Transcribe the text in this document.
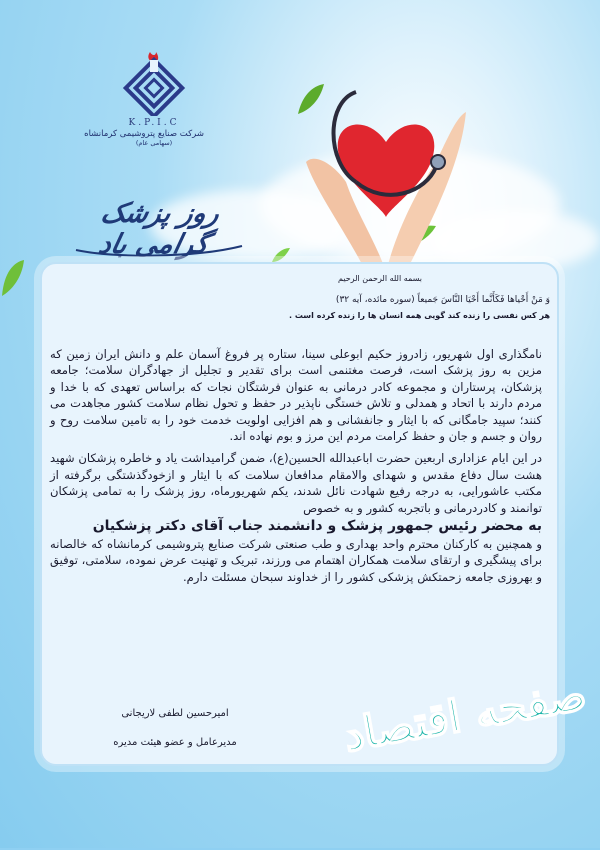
K.P.I.C
شرکت صنایع پتروشیمی کرمانشاه
(سهامی عام)
روز پزشک گرامی باد
بسمه الله الرحمن الرحیم
وَ مَنْ أَحْیاها فَكَأَنَّما أَحْیَا النَّاسَ جَمیعاً (سوره مائده، آیه ۳۲)
هر کس نفسی را زنده کند گویی همه انسان ها را زنده کرده است .

نامگذاری اول شهریور، زادروز حکیم ابوعلی سینا، ستاره پر فروغ آسمان علم و دانش ایران زمین که مزین به روز پزشک است، فرصت مغتنمی است برای تقدیر و تجلیل از جهادگران سلامت؛ جامعه پزشکان، پرستاران و مجموعه کادر درمانی به عنوان فرشتگان نجات که براساس تعهدی که با خدا و مردم دارند با اتحاد و همدلی و تلاش خستگی ناپذیر در حفظ و تحول نظام سلامت کشور مجاهدت می کنند؛ سپید جامگانی که با ایثار و جانفشانی و هم افزایی اولویت خدمت خود را به تامین سلامت روح و روان و جسم و جان و حفظ کرامت مردم این مرز و بوم نهاده اند.

در این ایام عزاداری اربعین حضرت اباعبدالله الحسین(ع)، ضمن گرامیداشت یاد و خاطره پزشکان شهید هشت سال دفاع مقدس و شهدای والامقام مدافعان سلامت که با ایثار و ازخودگذشتگی برگرفته از مکتب عاشورایی، به درجه رفیع شهادت نائل شدند، یکم شهریورماه، روز پزشک را به تمامی پزشکان توانمند و کادردرمانی و باتجربه کشور و به خصوص

به محضر رئیس جمهور پزشک و دانشمند جناب آقای دکتر پزشکیان

و همچنین به کارکنان محترم واحد بهداری و طب صنعتی شرکت صنایع پتروشیمی کرمانشاه که خالصانه برای پیشگیری و ارتقای سلامت همکاران اهتمام می ورزند، تبریک و تهنیت عرض نموده، سلامتی، توفیق و بهروزی جامعه زحمتکش پزشکی کشور را از خداوند سبحان مسئلت دارم.

امیرحسین لطفی لاریجانی
مدیرعامل و عضو هیئت مدیره	صفحه اقتصاد
